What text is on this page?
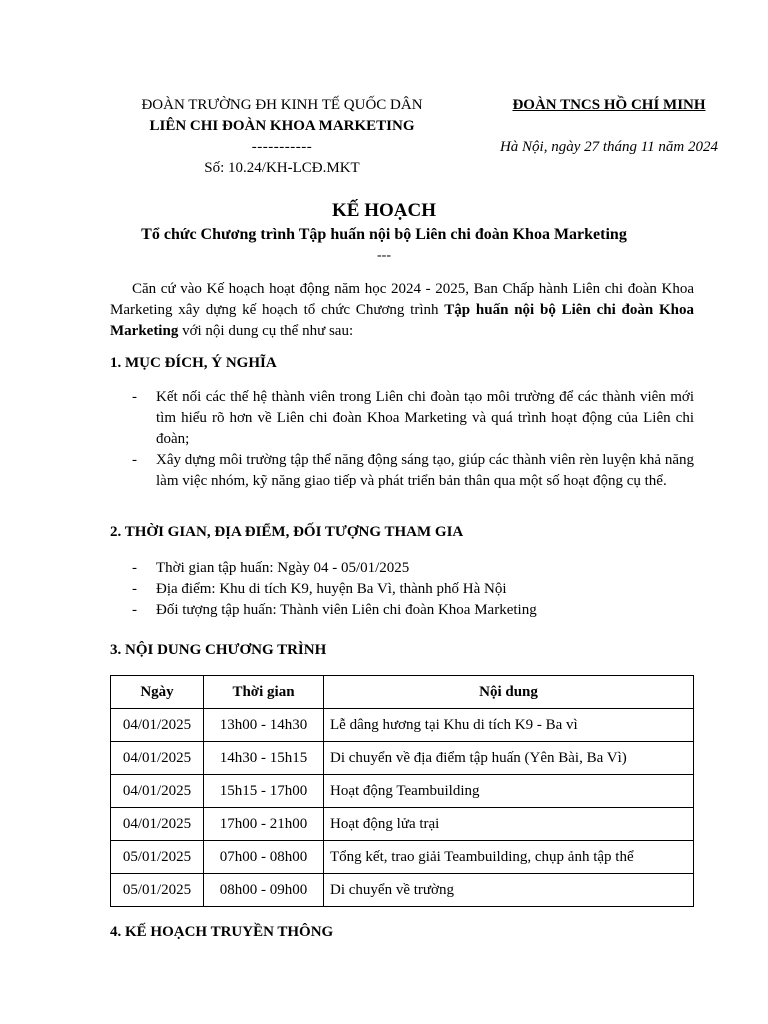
ĐOÀN TRƯỜNG ĐH KINH TẾ QUỐC DÂN
LIÊN CHI ĐOÀN KHOA MARKETING
-----------
Số: 10.24/KH-LCĐ.MKT
ĐOÀN TNCS HỒ CHÍ MINH
Hà Nội, ngày 27 tháng 11 năm 2024
KẾ HOẠCH
Tổ chức Chương trình Tập huấn nội bộ Liên chi đoàn Khoa Marketing
---

Căn cứ vào Kế hoạch hoạt động năm học 2024 - 2025, Ban Chấp hành Liên chi đoàn Khoa Marketing xây dựng kế hoạch tổ chức Chương trình Tập huấn nội bộ Liên chi đoàn Khoa Marketing với nội dung cụ thể như sau:

1. MỤC ĐÍCH, Ý NGHĨA
- Kết nối các thế hệ thành viên trong Liên chi đoàn tạo môi trường để các thành viên mới tìm hiểu rõ hơn về Liên chi đoàn Khoa Marketing và quá trình hoạt động của Liên chi đoàn;
- Xây dựng môi trường tập thể năng động sáng tạo, giúp các thành viên rèn luyện khả năng làm việc nhóm, kỹ năng giao tiếp và phát triển bản thân qua một số hoạt động cụ thể.
2. THỜI GIAN, ĐỊA ĐIỂM, ĐỐI TƯỢNG THAM GIA
- Thời gian tập huấn: Ngày 04 - 05/01/2025
- Địa điểm: Khu di tích K9, huyện Ba Vì, thành phố Hà Nội
- Đối tượng tập huấn: Thành viên Liên chi đoàn Khoa Marketing
3. NỘI DUNG CHƯƠNG TRÌNH
Ngày	Thời gian	Nội dung
04/01/2025	13h00 - 14h30	Lễ dâng hương tại Khu di tích K9 - Ba vì
04/01/2025	14h30 - 15h15	Di chuyển về địa điểm tập huấn (Yên Bài, Ba Vì)
04/01/2025	15h15 - 17h00	Hoạt động Teambuilding
04/01/2025	17h00 - 21h00	Hoạt động lửa trại
05/01/2025	07h00 - 08h00	Tổng kết, trao giải Teambuilding, chụp ảnh tập thể
05/01/2025	08h00 - 09h00	Di chuyển về trường
4. KẾ HOẠCH TRUYỀN THÔNG
